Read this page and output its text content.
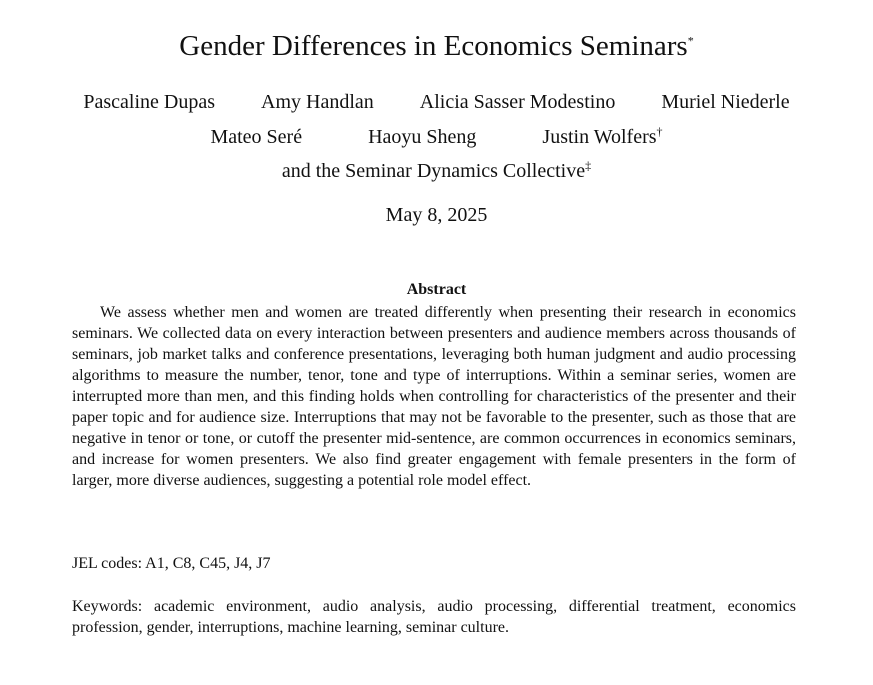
Gender Differences in Economics Seminars*
Pascaline Dupas Amy Handlan Alicia Sasser Modestino Muriel Niederle
Mateo Seré	Haoyu Sheng	Justin Wolfers†
and the Seminar Dynamics Collective‡
May 8, 2025
Abstract

We assess whether men and women are treated differently when presenting their research in economics seminars. We collected data on every interaction between presenters and audience members across thousands of seminars, job market talks and conference presentations, leveraging both human judgment and audio processing algorithms to measure the number, tenor, tone and type of interruptions. Within a seminar series, women are interrupted more than men, and this finding holds when controlling for characteristics of the presenter and their paper topic and for audience size. Interruptions that may not be favorable to the presenter, such as those that are negative in tenor or tone, or cutoff the presenter mid-sentence, are common occurrences in economics seminars, and increase for women presenters. We also find greater engagement with female presenters in the form of larger, more diverse audiences, suggesting a potential role model effect.

JEL codes: A1, C8, C45, J4, J7

Keywords: academic environment, audio analysis, audio processing, differential treatment, economics profession, gender, interruptions, machine learning, seminar culture.
